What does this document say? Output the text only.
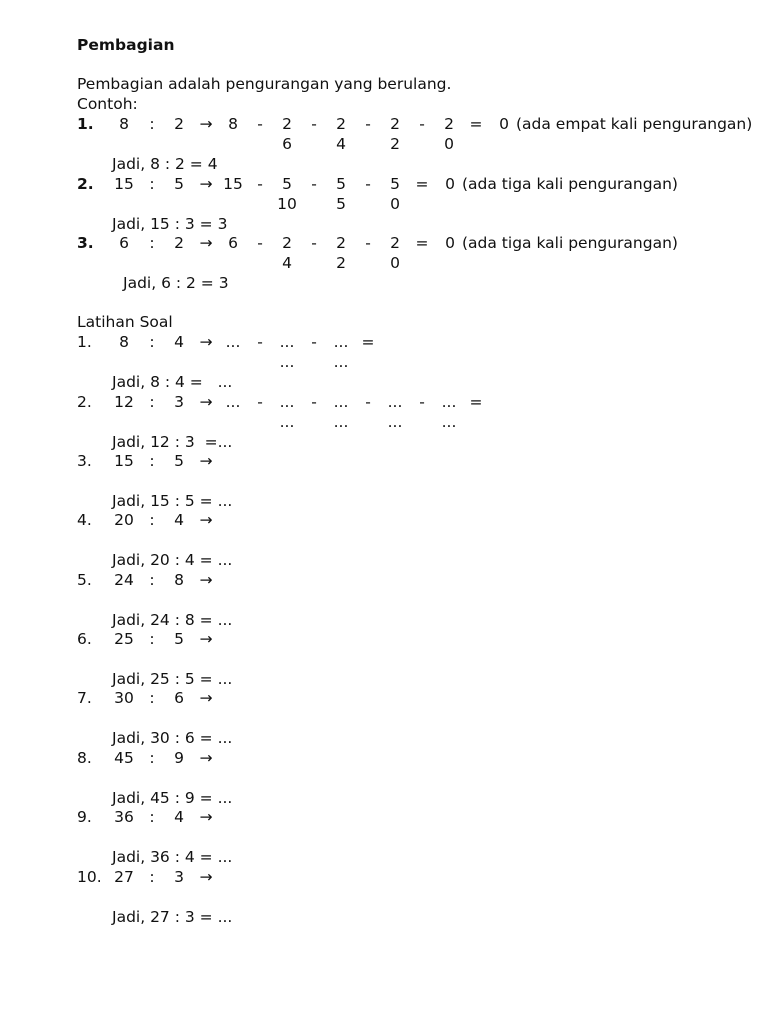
Pembagian
Pembagian adalah pengurangan yang berulang.
Contoh:
1. 8 : 2 → 8 - 2 - 2 - 2 - 2 = 0 (ada empat kali pengurangan)
6	4	2	0
Jadi, 8 : 2 = 4
2. 15 : 5 → 15 - 5 - 5 - 5 = 0 (ada tiga kali pengurangan)
10	5	0
Jadi, 15 : 3 = 3
3. 6 : 2 → 6 - 2 - 2 - 2 = 0 (ada tiga kali pengurangan)
4	2	0
Jadi, 6 : 2 = 3
Latihan Soal
1. 8 : 4 → ... - ... - ... =
...	...
Jadi, 8 : 4 =   ...
2. 12 : 3 → ... - ... - ... - ... - ... =
...	...	...	...
Jadi, 12 : 3  =...
3. 15 : 5 →
Jadi, 15 : 5 = ...
4. 20 : 4 →
Jadi, 20 : 4 = ...
5. 24 : 8 →
Jadi, 24 : 8 = ...
6. 25 : 5 →
Jadi, 25 : 5 = ...
7. 30 : 6 →
Jadi, 30 : 6 = ...
8. 45 : 9 →
Jadi, 45 : 9 = ...
9. 36 : 4 →
Jadi, 36 : 4 = ...
10. 27 : 3 →
Jadi, 27 : 3 = ...
